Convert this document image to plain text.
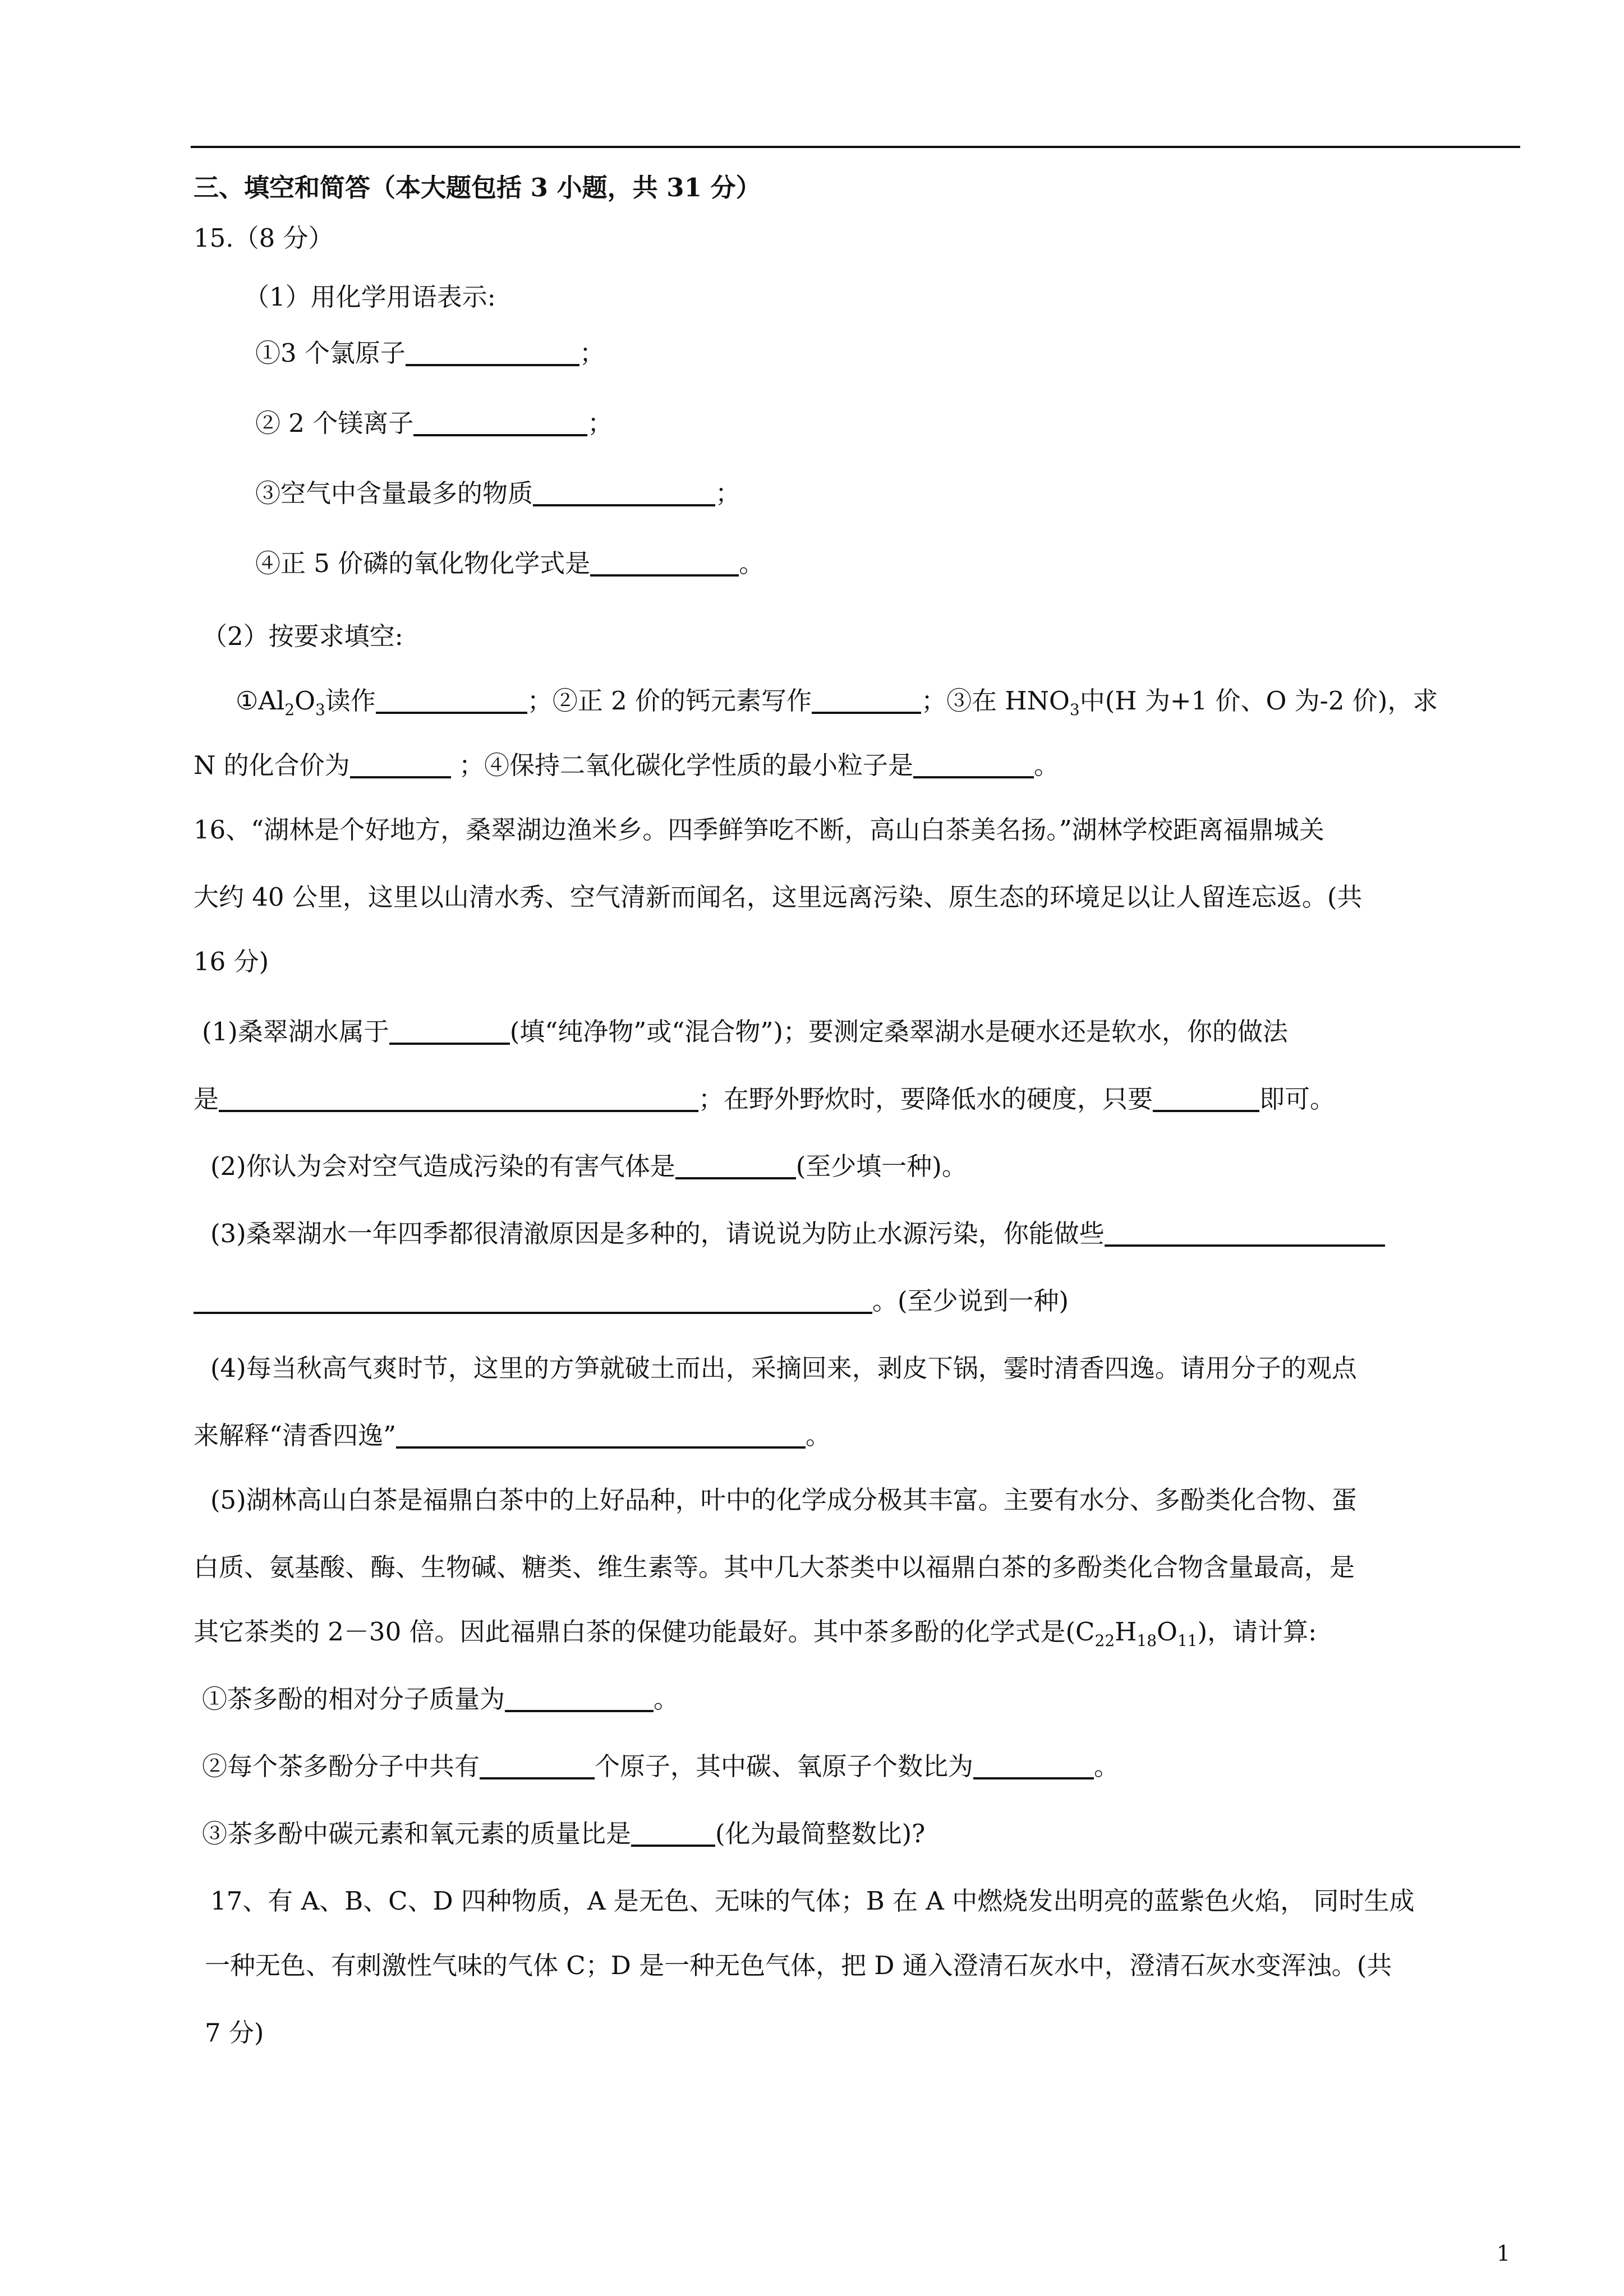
三、填空和简答（本大题包括 3 小题，共 31 分）
15.（8 分）
（1）用化学用语表示:
①3 个氯原子	；
② 2 个镁离子	；
③空气中含量最多的物质	；
④正 5 价磷的氧化物化学式是	。
（2）按要求填空:
$①Al_2O_3$读作	；②正 2 价的钙元素写作	；③在 $HNO_3$中(H 为+1 价、O 为-2 价)，求
N 的化合价为	；④保持二氧化碳化学性质的最小粒子是	。
16、“湖林是个好地方，桑翠湖边渔米乡。四季鲜笋吃不断，高山白茶美名扬。”湖林学校距离福鼎城关
大约 40 公里，这里以山清水秀、空气清新而闻名，这里远离污染、原生态的环境足以让人留连忘返。(共
16 分)
(1)桑翠湖水属于	(填“纯净物”或“混合物”)；要测定桑翠湖水是硬水还是软水，你的做法
是	；在野外野炊时，要降低水的硬度，只要	即可。
(2)你认为会对空气造成污染的有害气体是	(至少填一种)。
(3)桑翠湖水一年四季都很清澈原因是多种的，请说说为防止水源污染，你能做些
。(至少说到一种)
(4)每当秋高气爽时节，这里的方笋就破土而出，采摘回来，剥皮下锅，霎时清香四逸。请用分子的观点
来解释“清香四逸”	。
(5)湖林高山白茶是福鼎白茶中的上好品种，叶中的化学成分极其丰富。主要有水分、多酚类化合物、蛋
白质、氨基酸、酶、生物碱、糖类、维生素等。其中几大茶类中以福鼎白茶的多酚类化合物含量最高，是
其它茶类的 2－30 倍。因此福鼎白茶的保健功能最好。其中茶多酚的化学式是$(C_{22}H_{18}O_{11})$，请计算:
①茶多酚的相对分子质量为	。
②每个茶多酚分子中共有	个原子，其中碳、氧原子个数比为	。
③茶多酚中碳元素和氧元素的质量比是	(化为最简整数比)?
17、有 A、B、C、D 四种物质，A 是无色、无味的气体；B 在 A 中燃烧发出明亮的蓝紫色火焰， 同时生成
一种无色、有刺激性气味的气体 C；D 是一种无色气体，把 D 通入澄清石灰水中，澄清石灰水变浑浊。(共
7 分)
1
